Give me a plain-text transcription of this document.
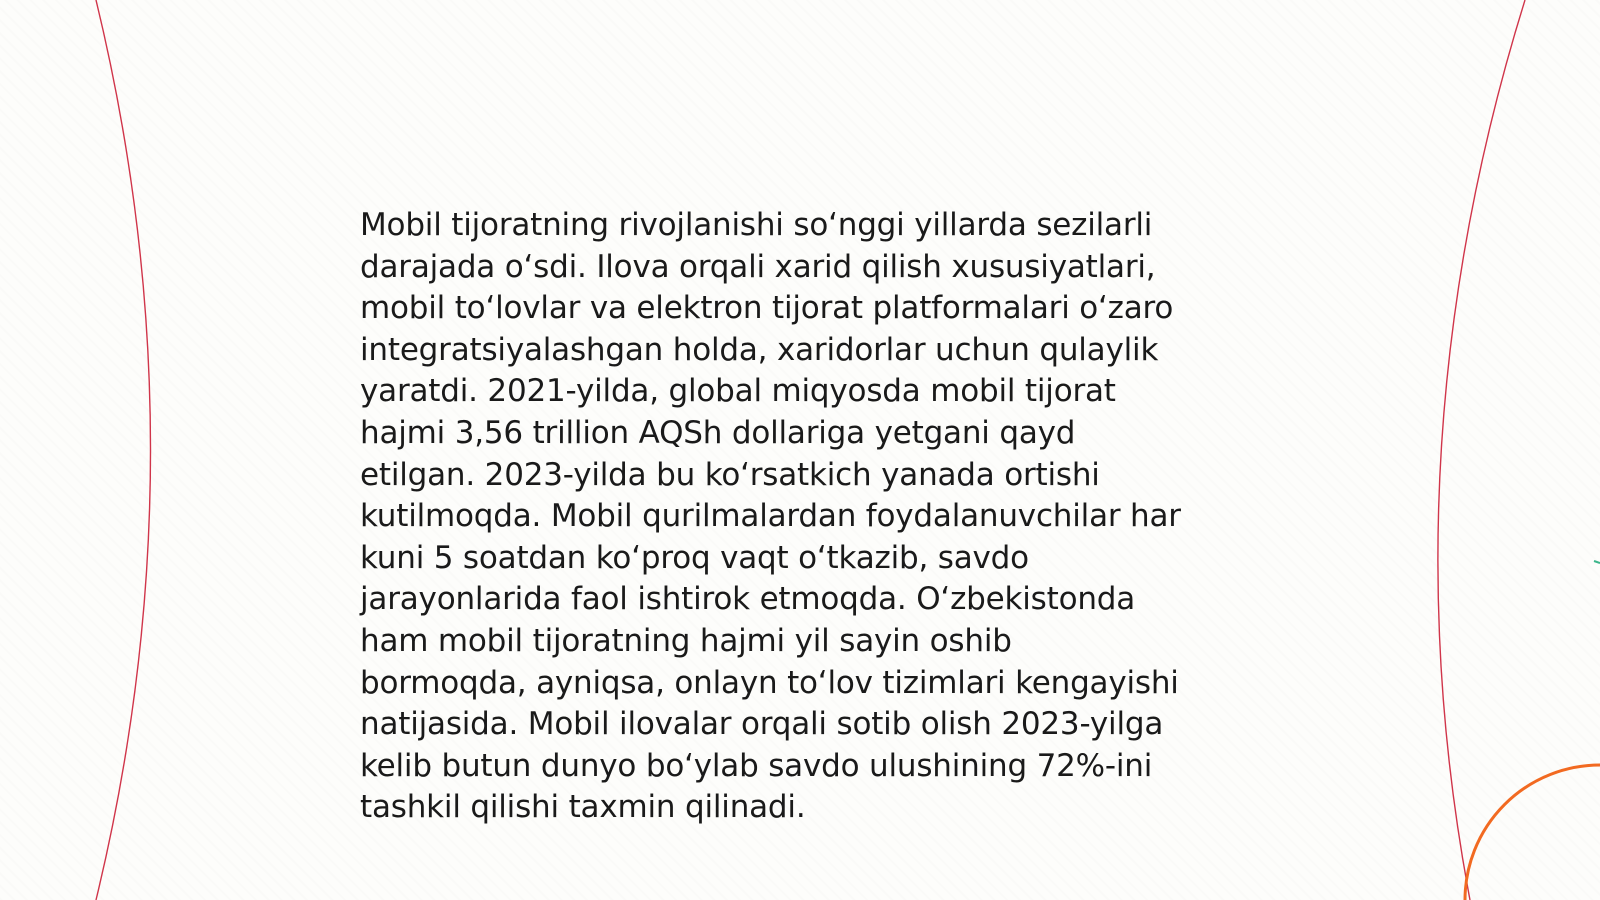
Mobil tijoratning rivojlanishi so‘nggi yillarda sezilarli
darajada o‘sdi. Ilova orqali xarid qilish xususiyatlari,
mobil to‘lovlar va elektron tijorat platformalari o‘zaro
integratsiyalashgan holda, xaridorlar uchun qulaylik
yaratdi. 2021-yilda, global miqyosda mobil tijorat
hajmi 3,56 trillion AQSh dollariga yetgani qayd
etilgan. 2023-yilda bu ko‘rsatkich yanada ortishi
kutilmoqda. Mobil qurilmalardan foydalanuvchilar har
kuni 5 soatdan ko‘proq vaqt o‘tkazib, savdo
jarayonlarida faol ishtirok etmoqda. O‘zbekistonda
ham mobil tijoratning hajmi yil sayin oshib
bormoqda, ayniqsa, onlayn to‘lov tizimlari kengayishi
natijasida. Mobil ilovalar orqali sotib olish 2023-yilga
kelib butun dunyo bo‘ylab savdo ulushining 72%-ini
tashkil qilishi taxmin qilinadi.
